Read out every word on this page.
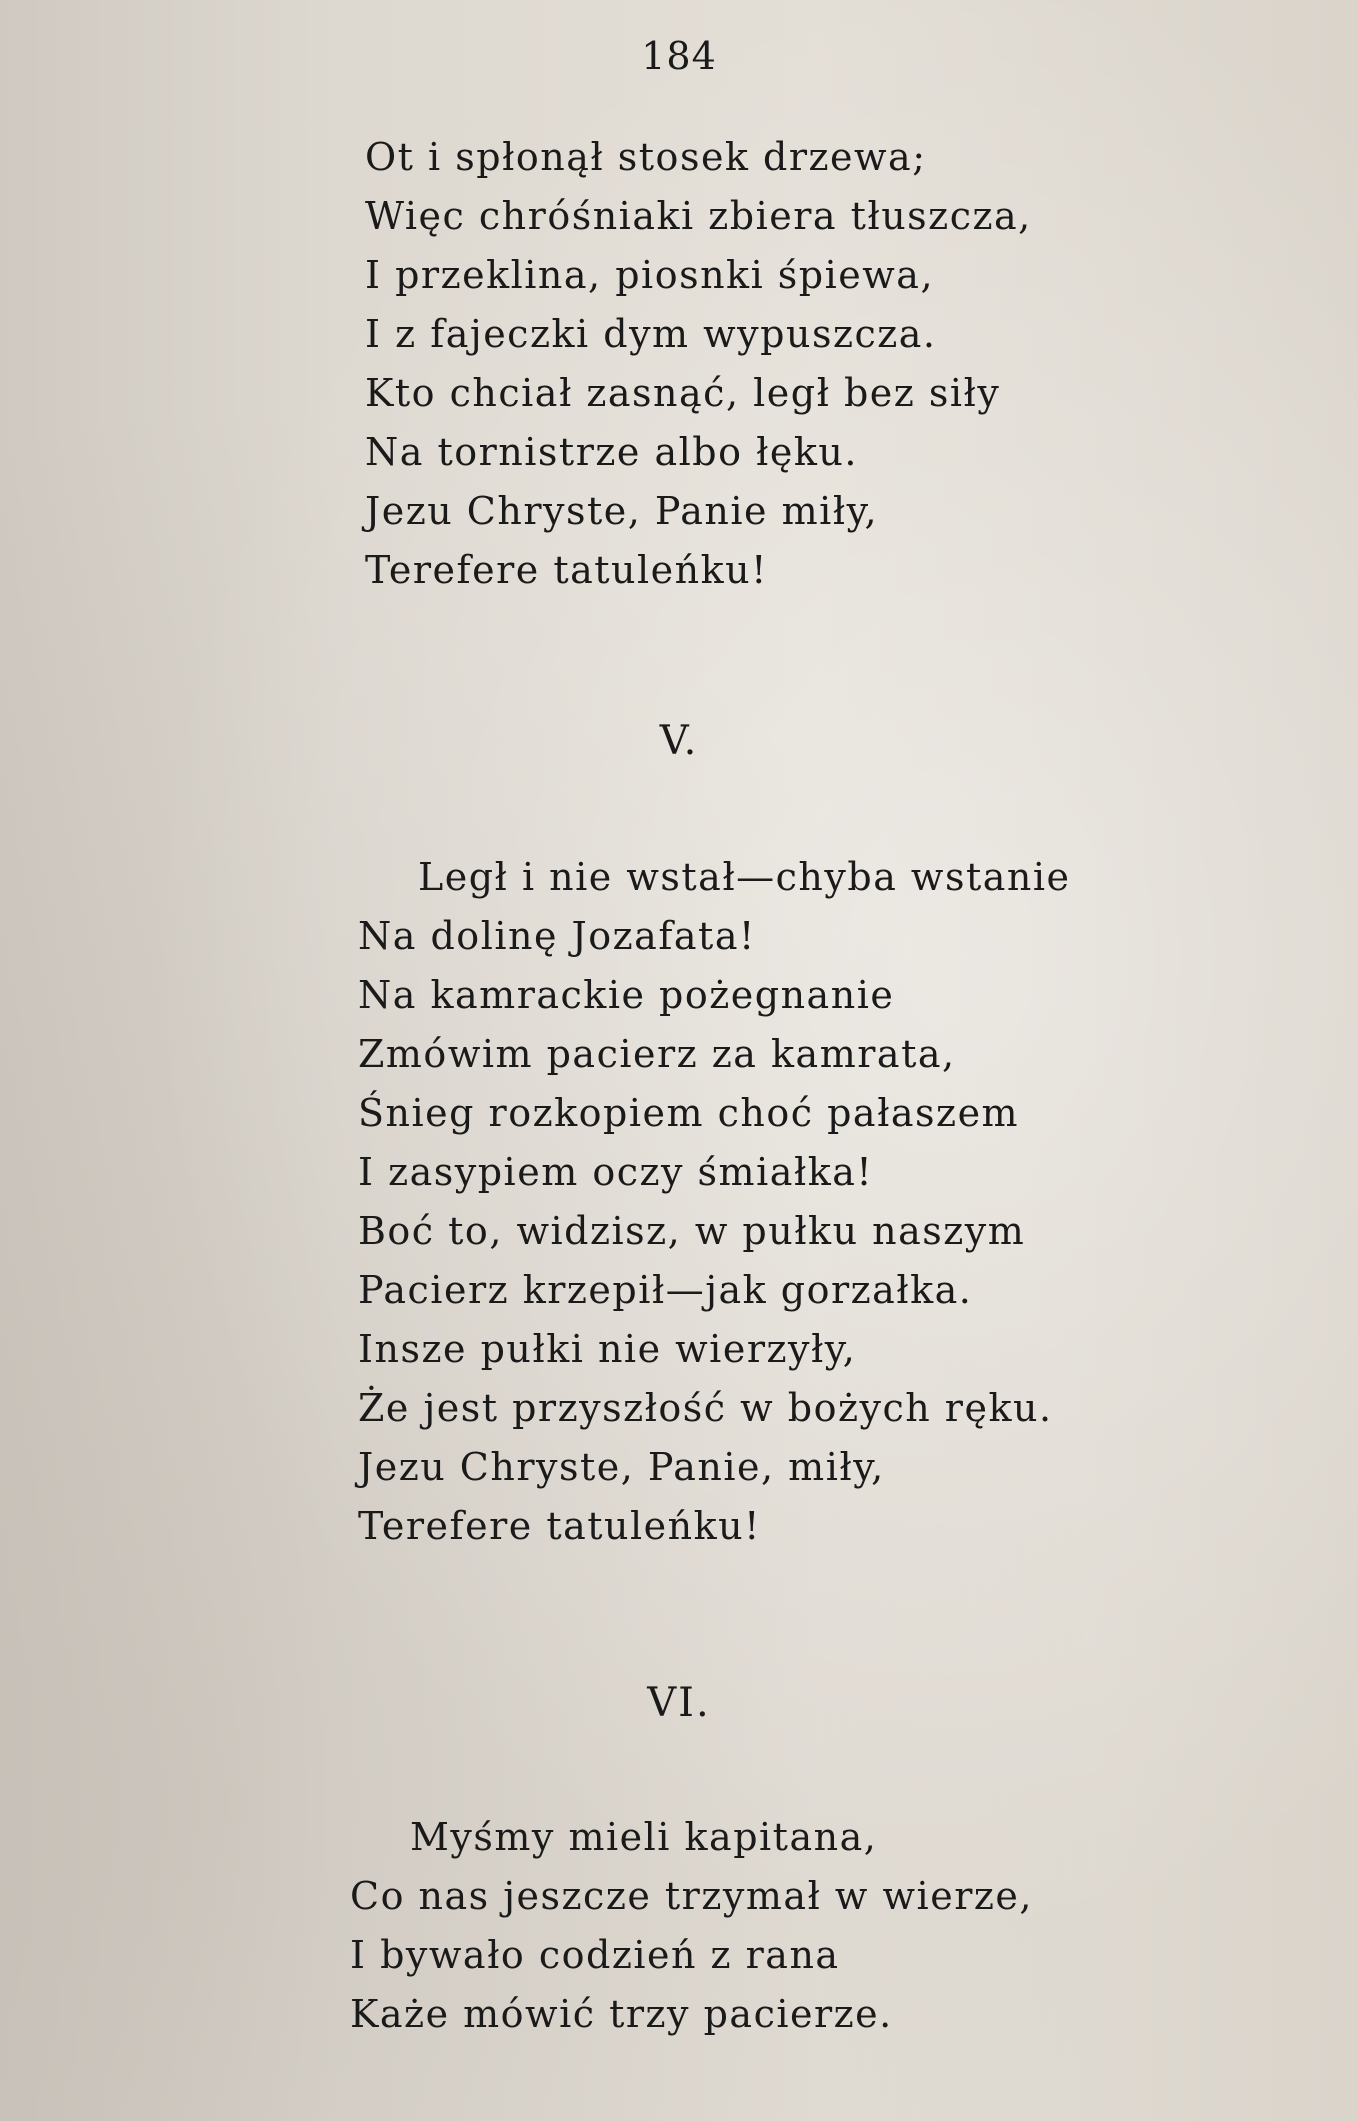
184
Ot i spłonął stosek drzewa;
Więc chróśniaki zbiera tłuszcza,
I przeklina, piosnki śpiewa,
I z fajeczki dym wypuszcza.
Kto chciał zasnąć, legł bez siły
Na tornistrze albo łęku.
Jezu Chryste, Panie miły,
Terefere tatuleńku!
V.
Legł i nie wstał—chyba wstanie
Na dolinę Jozafata!
Na kamrackie pożegnanie
Zmówim pacierz za kamrata,
Śnieg rozkopiem choć pałaszem
I zasypiem oczy śmiałka!
Boć to, widzisz, w pułku naszym
Pacierz krzepił—jak gorzałka.
Insze pułki nie wierzyły,
Że jest przyszłość w bożych ręku.
Jezu Chryste, Panie, miły,
Terefere tatuleńku!
VI.
Myśmy mieli kapitana,
Co nas jeszcze trzymał w wierze,
I bywało codzień z rana
Każe mówić trzy pacierze.
